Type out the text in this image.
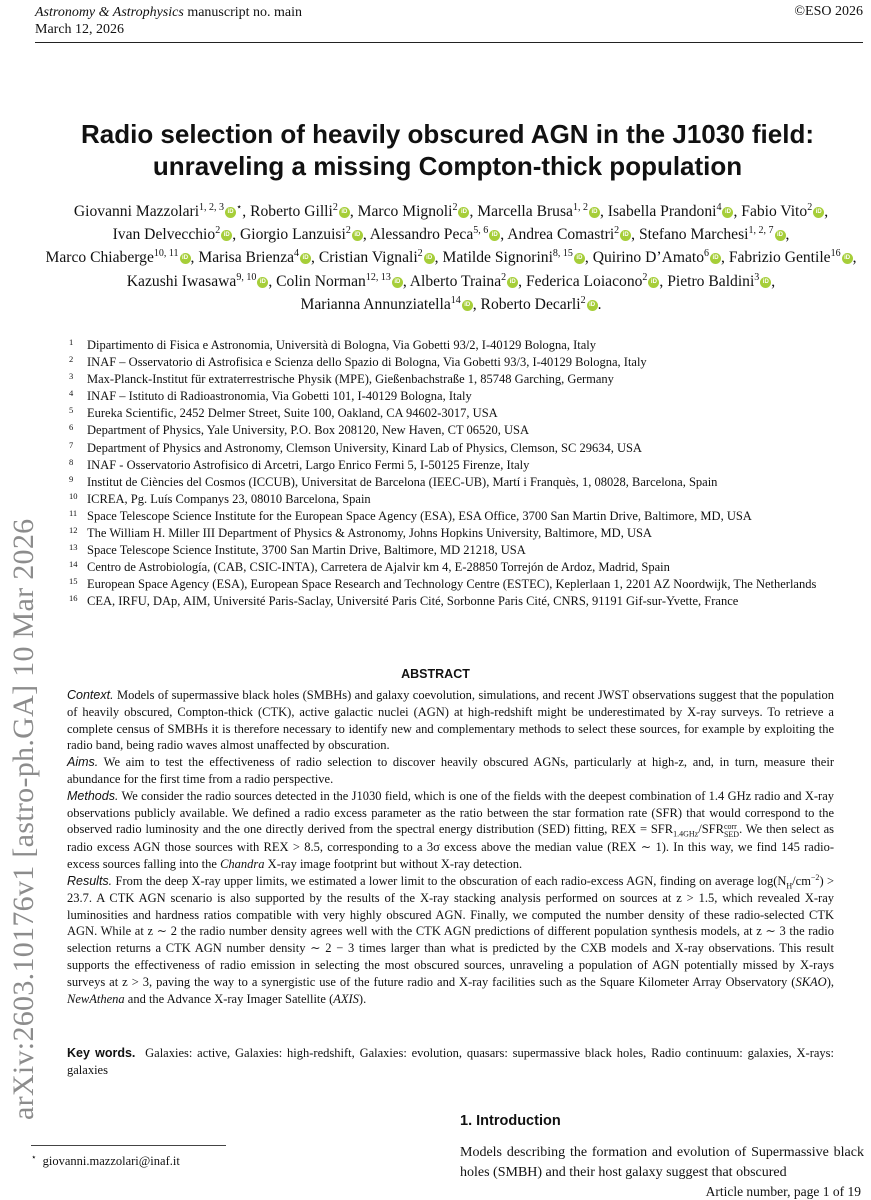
Astronomy & Astrophysics manuscript no. main
March 12, 2026
©ESO 2026
arXiv:2603.10176v1 [astro-ph.GA] 10 Mar 2026
Radio selection of heavily obscured AGN in the J1030 field:
unraveling a missing Compton-thick population
Giovanni Mazzolari$^{1, 2, 3}$ iD ⋆, Roberto Gilli$^2$ iD , Marco Mignoli$^2$ iD , Marcella Brusa$^{1, 2}$ iD , Isabella Prandoni$^4$ iD , Fabio Vito$^2$ iD , Ivan Delvecchio$^2$ iD , Giorgio Lanzuisi$^2$ iD , Alessandro Peca$^{5, 6}$ iD , Andrea Comastri$^2$ iD , Stefano Marchesi$^{1, 2, 7}$ iD , Marco Chiaberge$^{10, 11}$ iD , Marisa Brienza$^4$ iD , Cristian Vignali$^2$ iD , Matilde Signorini$^{8, 15}$ iD , Quirino D’Amato$^6$ iD , Fabrizio Gentile$^{16}$ iD , Kazushi Iwasawa$^{9, 10}$ iD , Colin Norman$^{12, 13}$ iD , Alberto Traina$^2$ iD , Federica Loiacono$^2$ iD , Pietro Baldini$^3$ iD , Marianna Annunziatella$^{14}$ iD , Roberto Decarli$^2$ iD .
1 Dipartimento di Fisica e Astronomia, Università di Bologna, Via Gobetti 93/2, I-40129 Bologna, Italy
2 INAF – Osservatorio di Astrofisica e Scienza dello Spazio di Bologna, Via Gobetti 93/3, I-40129 Bologna, Italy
3 Max-Planck-Institut für extraterrestrische Physik (MPE), Gießenbachstraße 1, 85748 Garching, Germany
4 INAF – Istituto di Radioastronomia, Via Gobetti 101, I-40129 Bologna, Italy
5 Eureka Scientific, 2452 Delmer Street, Suite 100, Oakland, CA 94602-3017, USA
6 Department of Physics, Yale University, P.O. Box 208120, New Haven, CT 06520, USA
7 Department of Physics and Astronomy, Clemson University, Kinard Lab of Physics, Clemson, SC 29634, USA
8 INAF - Osservatorio Astrofisico di Arcetri, Largo Enrico Fermi 5, I-50125 Firenze, Italy
9 Institut de Ciències del Cosmos (ICCUB), Universitat de Barcelona (IEEC-UB), Martí i Franquès, 1, 08028, Barcelona, Spain
10 ICREA, Pg. Luís Companys 23, 08010 Barcelona, Spain
11 Space Telescope Science Institute for the European Space Agency (ESA), ESA Office, 3700 San Martin Drive, Baltimore, MD, USA
12 The William H. Miller III Department of Physics & Astronomy, Johns Hopkins University, Baltimore, MD, USA
13 Space Telescope Science Institute, 3700 San Martin Drive, Baltimore, MD 21218, USA
14 Centro de Astrobiología, (CAB, CSIC-INTA), Carretera de Ajalvir km 4, E-28850 Torrejón de Ardoz, Madrid, Spain
15 European Space Agency (ESA), European Space Research and Technology Centre (ESTEC), Keplerlaan 1, 2201 AZ Noordwijk, The Netherlands
16 CEA, IRFU, DAp, AIM, Université Paris-Saclay, Université Paris Cité, Sorbonne Paris Cité, CNRS, 91191 Gif-sur-Yvette, France
ABSTRACT

Context. Models of supermassive black holes (SMBHs) and galaxy coevolution, simulations, and recent JWST observations suggest that the population of heavily obscured, Compton-thick (CTK), active galactic nuclei (AGN) at high-redshift might be underestimated by X-ray surveys. To retrieve a complete census of SMBHs it is therefore necessary to identify new and complementary methods to select these sources, for example by exploiting the radio band, being radio waves almost unaffected by obscuration.

Aims. We aim to test the effectiveness of radio selection to discover heavily obscured AGNs, particularly at high-z, and, in turn, measure their abundance for the first time from a radio perspective.

Methods. We consider the radio sources detected in the J1030 field, which is one of the fields with the deepest combination of 1.4 GHz radio and X-ray observations publicly available. We defined a radio excess parameter as the ratio between the star formation rate (SFR) that would correspond to the observed radio luminosity and the one directly derived from the spectral energy distribution (SED) fitting, REX = $SFR_{1.4GHz}$/SFR corr
SED . We then select as radio excess AGN those sources with REX > 8.5, corresponding to a 3σ excess above the median value (REX ∼ 1). In this way, we find 145 radio-excess sources falling into the Chandra X-ray image footprint but without X-ray detection.

Results. From the deep X-ray upper limits, we estimated a lower limit to the obscuration of each radio-excess AGN, finding on average $\log(N_H/cm^{-2}) > 23.7$. A CTK AGN scenario is also supported by the results of the X-ray stacking analysis performed on sources at z > 1.5, which revealed X-ray luminosities and hardness ratios compatible with very highly obscured AGN. Finally, we computed the number density of these radio-selected CTK AGN. While at z ∼ 2 the radio number density agrees well with the CTK AGN predictions of different population synthesis models, at z ∼ 3 the radio selection returns a CTK AGN number density ∼ 2 − 3 times larger than what is predicted by the CXB models and X-ray observations. This result supports the effectiveness of radio emission in selecting the most obscured sources, unraveling a population of AGN potentially missed by X-rays surveys at z > 3, paving the way to a synergistic use of the future radio and X-ray facilities such as the Square Kilometer Array Observatory (SKAO), NewAthena and the Advance X-ray Imager Satellite (AXIS).

Key words. Galaxies: active, Galaxies: high-redshift, Galaxies: evolution, quasars: supermassive black holes, Radio continuum: galaxies, X-rays: galaxies
1. Introduction

Models describing the formation and evolution of Supermassive black holes (SMBH) and their host galaxy suggest that obscured

⋆ giovanni.mazzolari@inaf.it
Article number, page 1 of 19
